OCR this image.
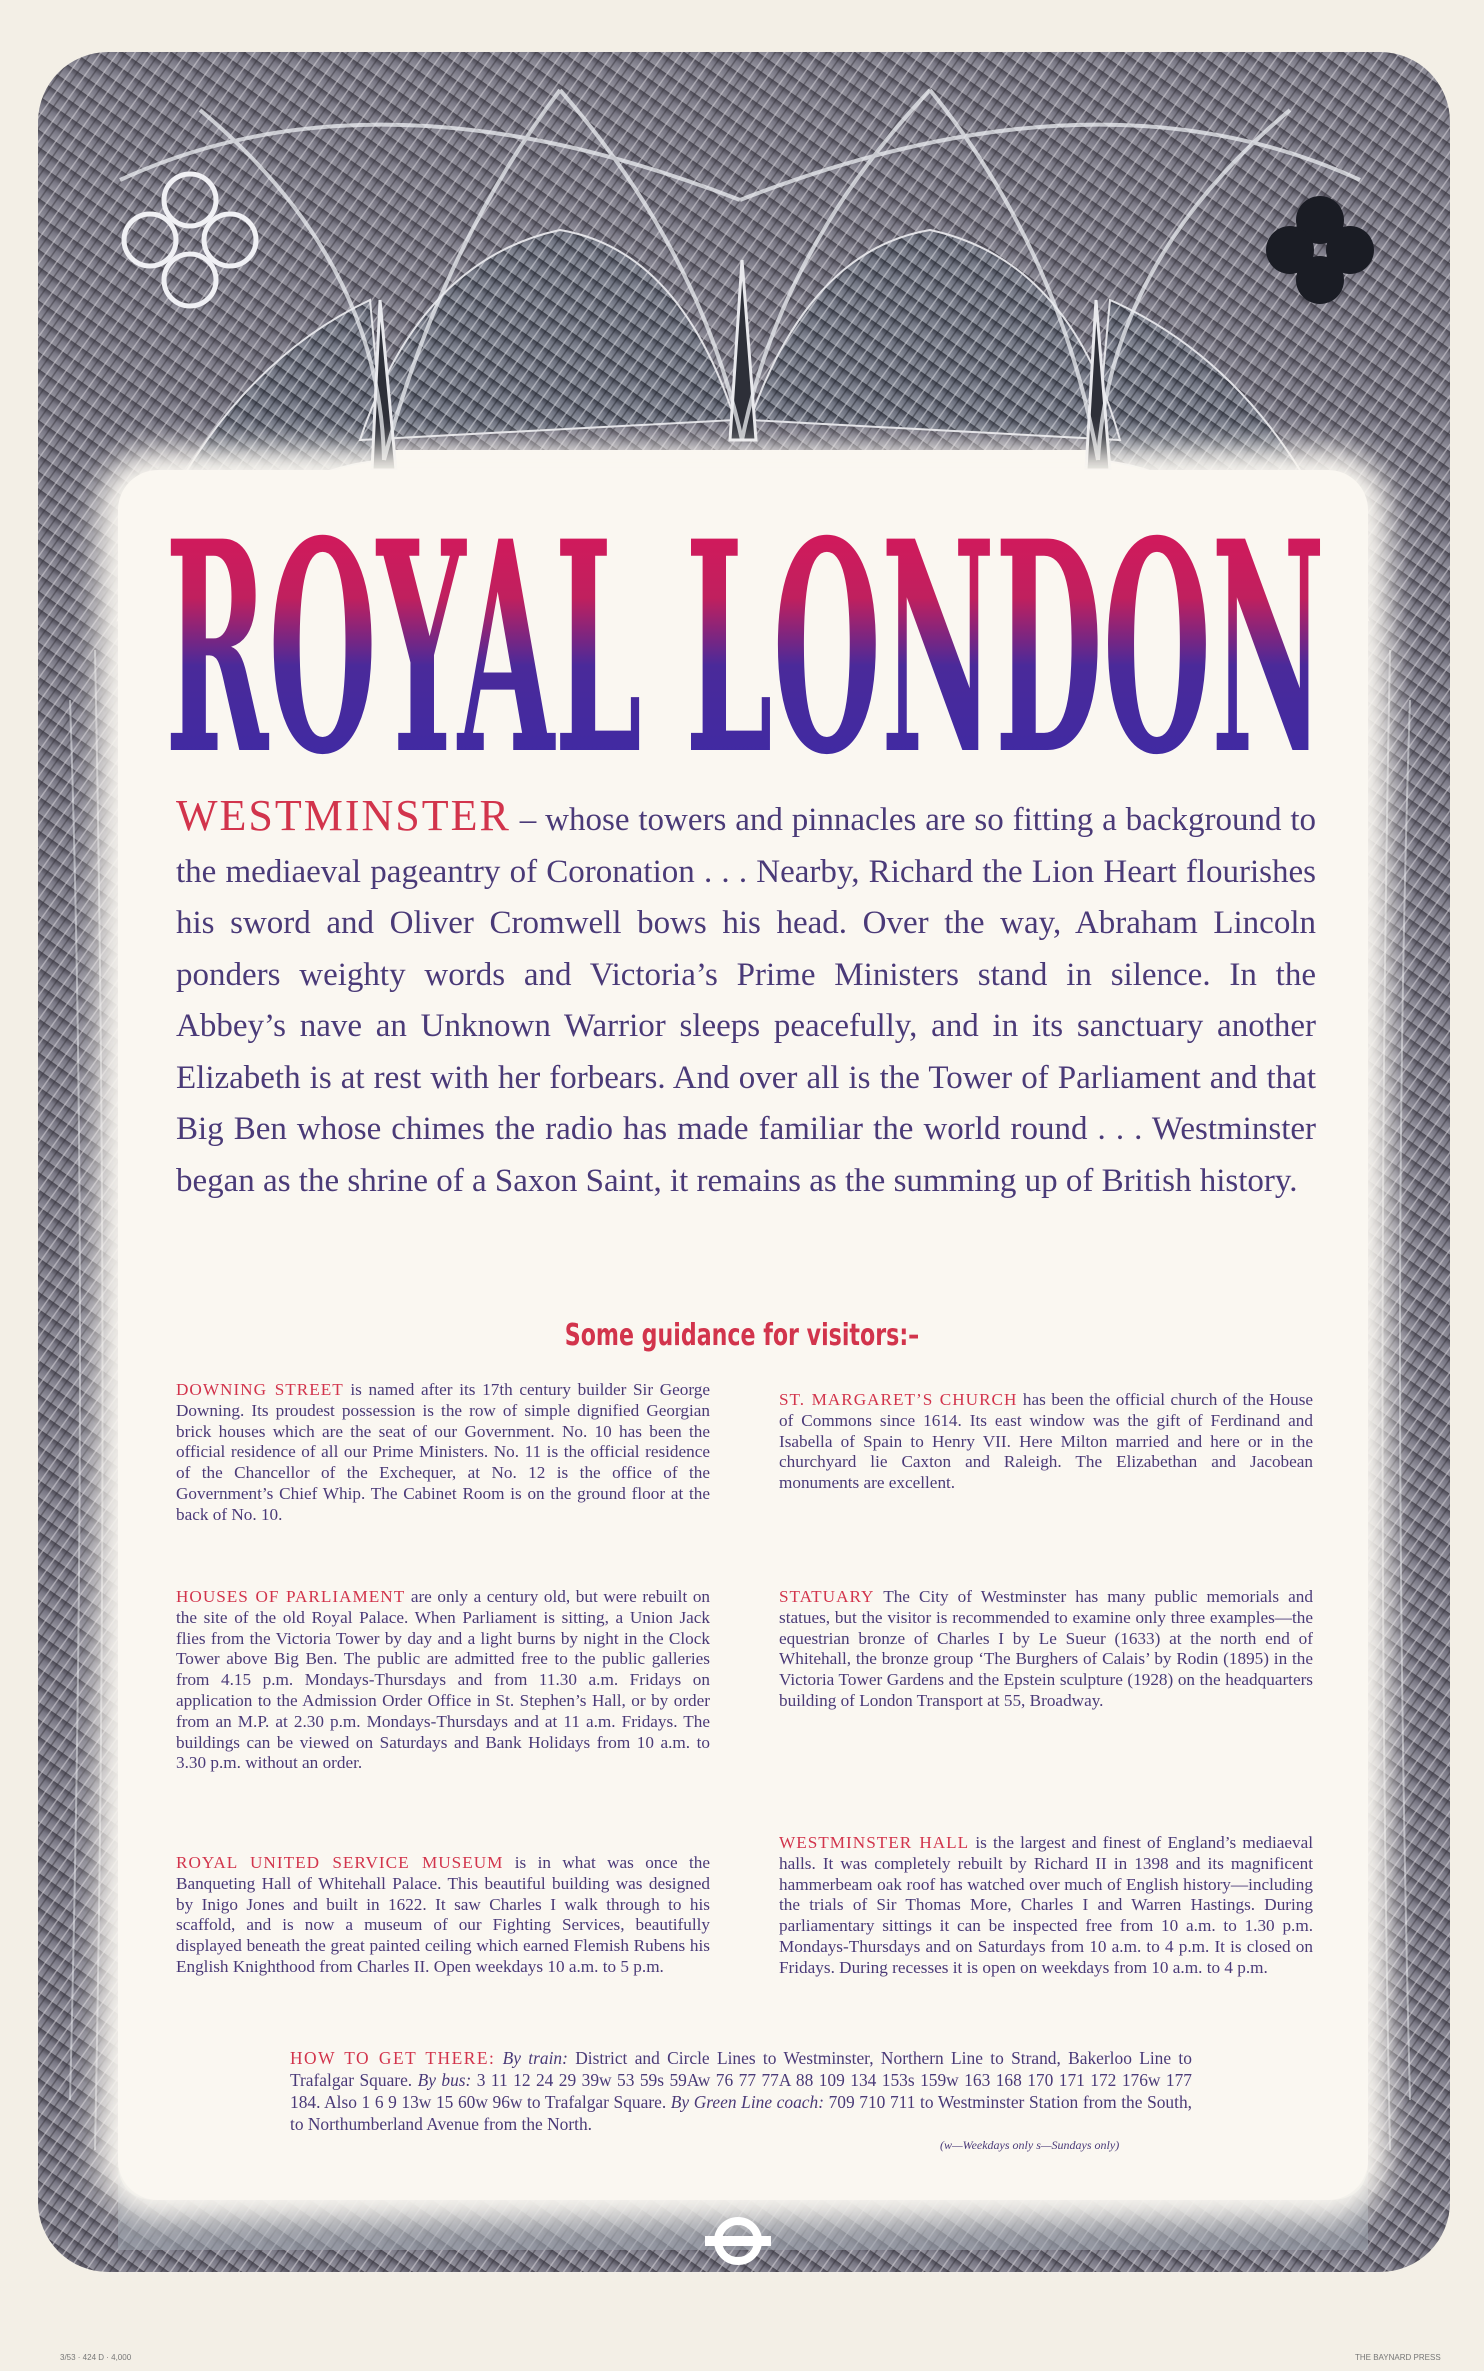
ROYAL LONDON
WESTMINSTER – whose towers and pinnacles are so fitting a background to the mediaeval pageantry of Coronation . . . Nearby, Richard the Lion Heart flourishes his sword and Oliver Cromwell bows his head. Over the way, Abraham Lincoln ponders weighty words and Victoria’s Prime Ministers stand in silence. In the Abbey’s nave an Unknown Warrior sleeps peacefully, and in its sanctuary another Elizabeth is at rest with her forbears. And over all is the Tower of Parliament and that Big Ben whose chimes the radio has made familiar the world round . . . Westminster began as the shrine of a Saxon Saint, it remains as the summing up of British history.
Some guidance for visitors:–
DOWNING STREET is named after its 17th century builder Sir George Downing. Its proudest possession is the row of simple dignified Georgian brick houses which are the seat of our Government. No. 10 has been the official residence of all our Prime Ministers. No. 11 is the official residence of the Chancellor of the Exchequer, at No. 12 is the office of the Government’s Chief Whip. The Cabinet Room is on the ground floor at the back of No. 10.
HOUSES OF PARLIAMENT are only a century old, but were rebuilt on the site of the old Royal Palace. When Parliament is sitting, a Union Jack flies from the Victoria Tower by day and a light burns by night in the Clock Tower above Big Ben. The public are admitted free to the public galleries from 4.15 p.m. Mondays-Thursdays and from 11.30 a.m. Fridays on application to the Admission Order Office in St. Stephen’s Hall, or by order from an M.P. at 2.30 p.m. Mondays-Thursdays and at 11 a.m. Fridays. The buildings can be viewed on Saturdays and Bank Holidays from 10 a.m. to 3.30 p.m. without an order.
ROYAL UNITED SERVICE MUSEUM is in what was once the Banqueting Hall of Whitehall Palace. This beautiful building was designed by Inigo Jones and built in 1622. It saw Charles I walk through to his scaffold, and is now a museum of our Fighting Services, beautifully displayed beneath the great painted ceiling which earned Flemish Rubens his English Knighthood from Charles II. Open weekdays 10 a.m. to 5 p.m.
ST. MARGARET’S CHURCH has been the official church of the House of Commons since 1614. Its east window was the gift of Ferdinand and Isabella of Spain to Henry VII. Here Milton married and here or in the churchyard lie Caxton and Raleigh. The Elizabethan and Jacobean monuments are excellent.
STATUARY The City of Westminster has many public memorials and statues, but the visitor is recommended to examine only three examples—the equestrian bronze of Charles I by Le Sueur (1633) at the north end of Whitehall, the bronze group ‘The Burghers of Calais’ by Rodin (1895) in the Victoria Tower Gardens and the Epstein sculpture (1928) on the headquarters building of London Transport at 55, Broadway.
WESTMINSTER HALL is the largest and finest of England’s mediaeval halls. It was completely rebuilt by Richard II in 1398 and its magnificent hammerbeam oak roof has watched over much of English history—including the trials of Sir Thomas More, Charles I and Warren Hastings. During parliamentary sittings it can be inspected free from 10 a.m. to 1.30 p.m. Mondays-Thursdays and on Saturdays from 10 a.m. to 4 p.m. It is closed on Fridays. During recesses it is open on weekdays from 10 a.m. to 4 p.m.
HOW TO GET THERE: By train: District and Circle Lines to Westminster, Northern Line to Strand, Bakerloo Line to Trafalgar Square. By bus: 3 11 12 24 29 39w 53 59s 59Aw 76 77 77A 88 109 134 153s 159w 163 168 170 171 172 176w 177 184. Also 1 6 9 13w 15 60w 96w to Trafalgar Square. By Green Line coach: 709 710 711 to Westminster Station from the South, to Northumberland Avenue from the North.
(w—Weekdays only s—Sundays only)
3/53 · 424 D · 4,000	THE BAYNARD PRESS
